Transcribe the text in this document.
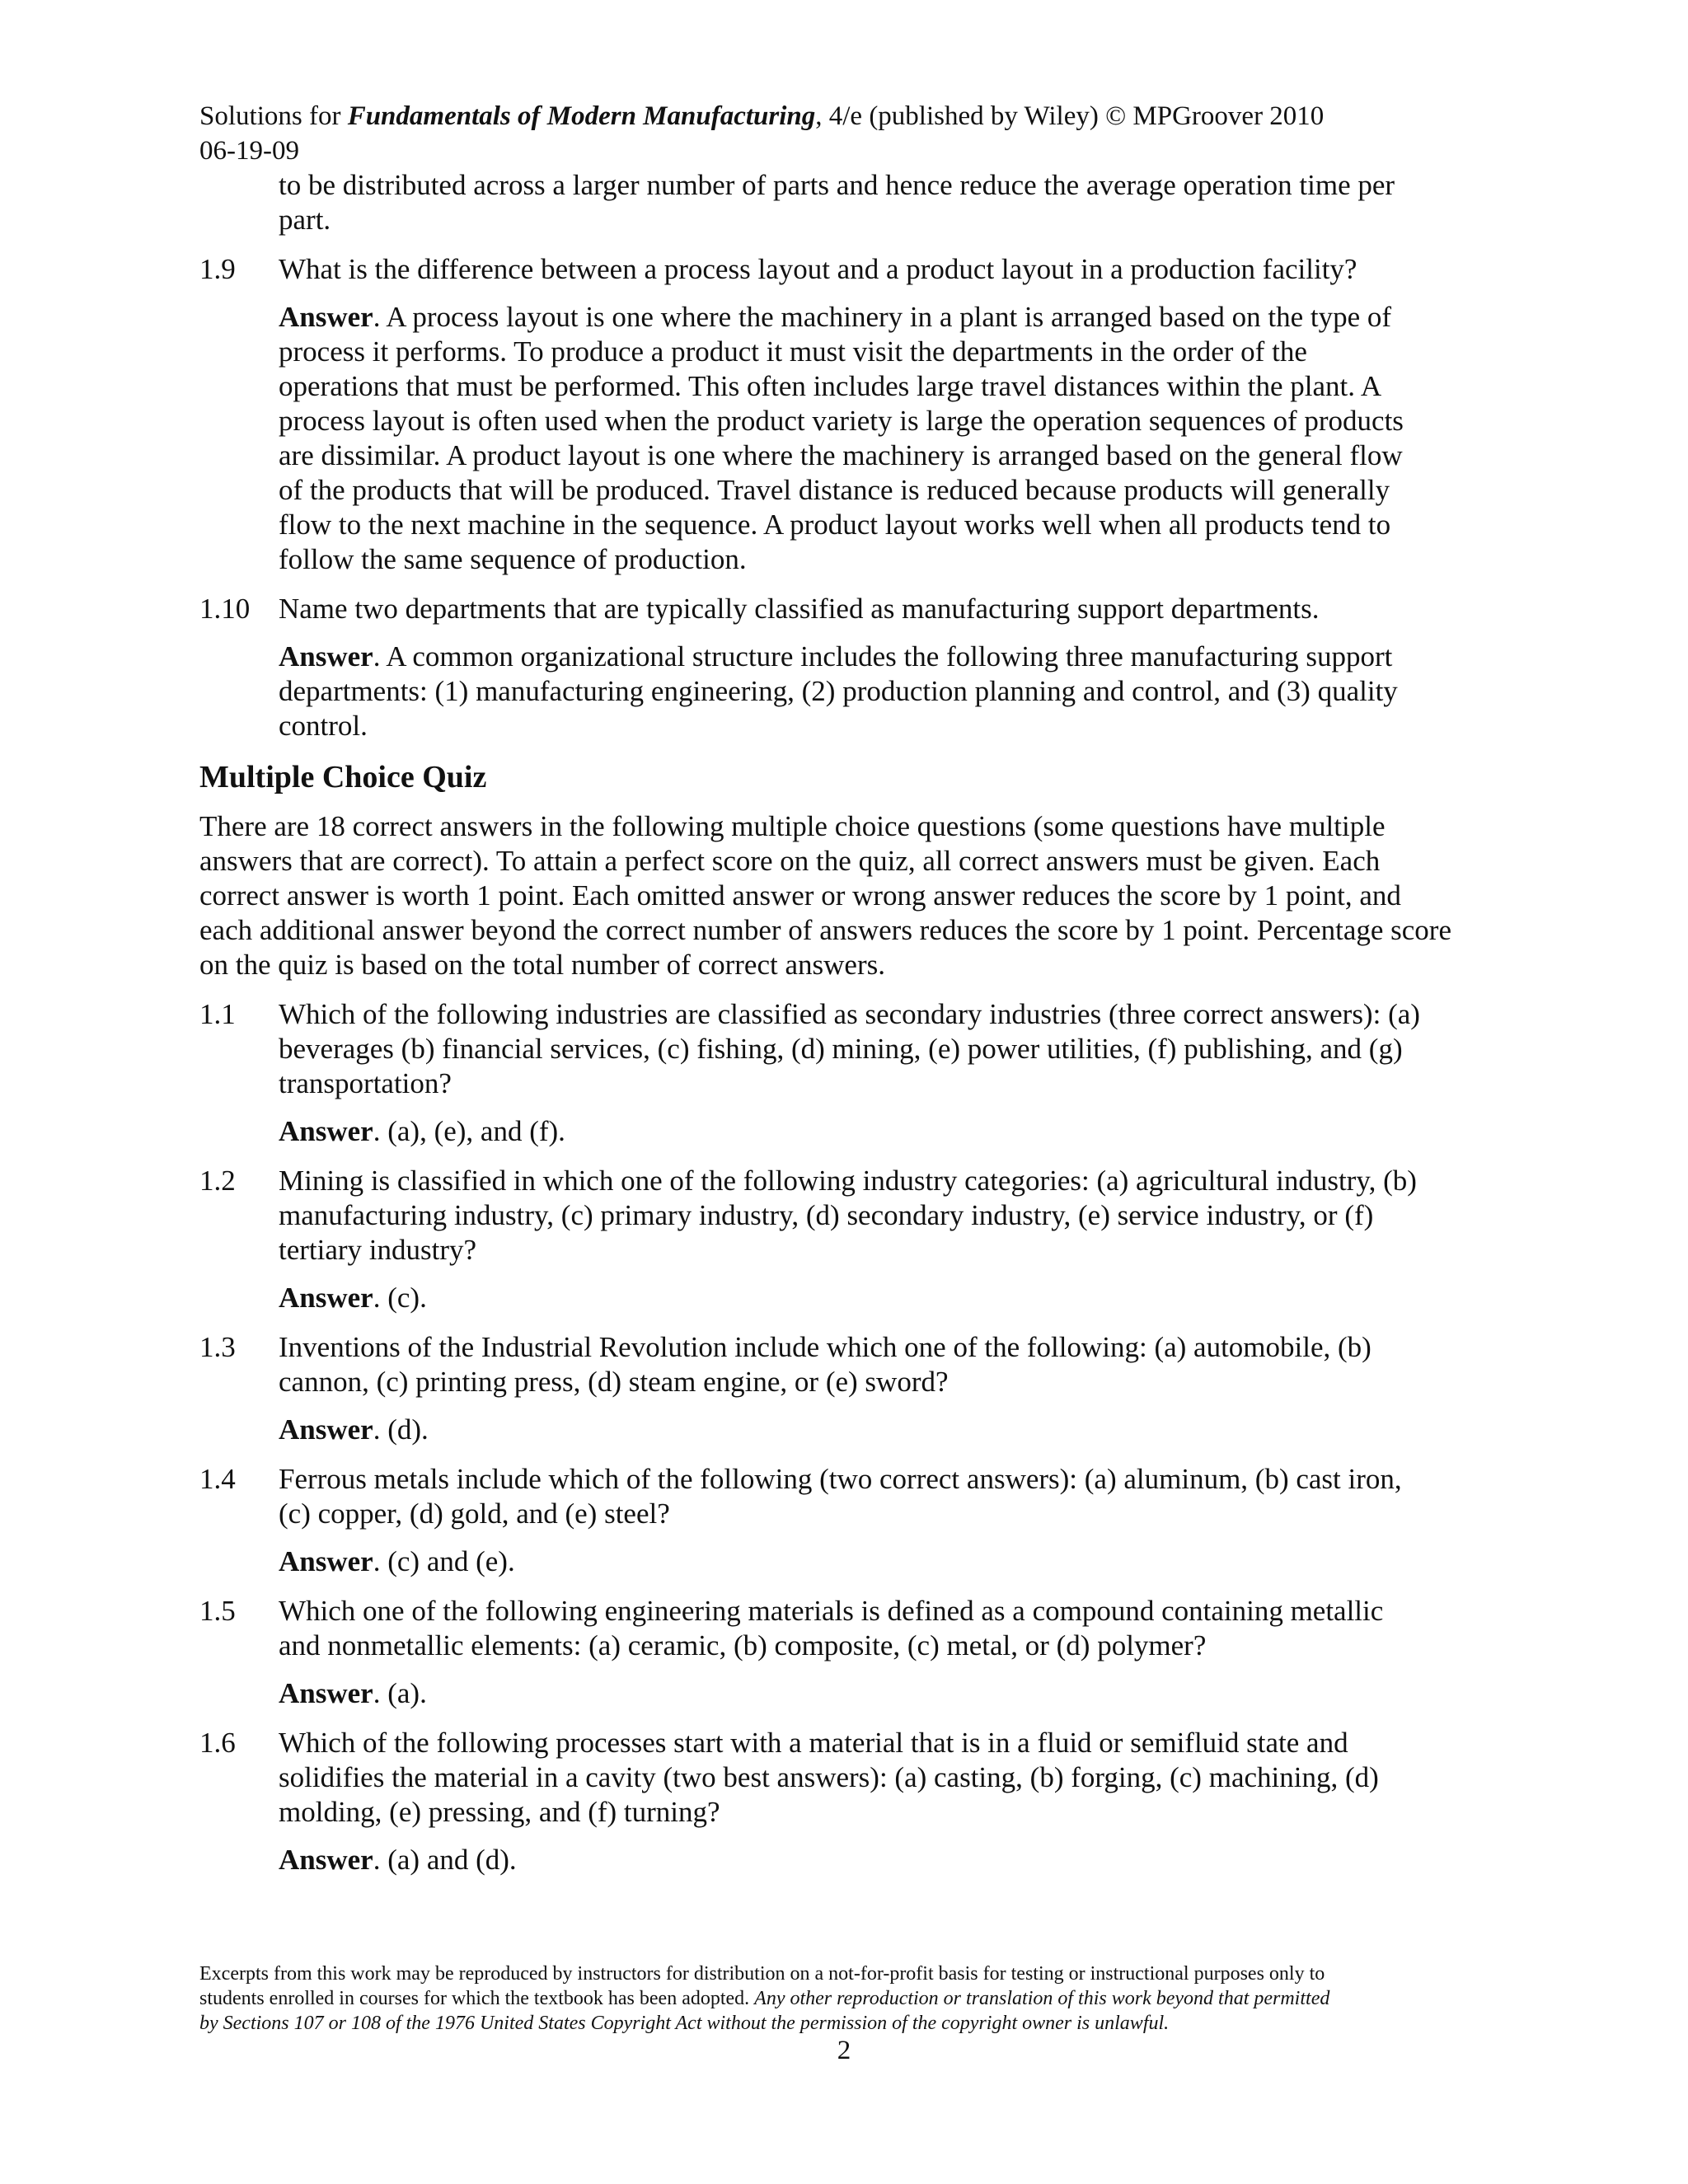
Solutions for Fundamentals of Modern Manufacturing, 4/e (published by Wiley) © MPGroover 2010
06-19-09

to be distributed across a larger number of parts and hence reduce the average operation time per

part.

1.9 What is the difference between a process layout and a product layout in a production facility?

Answer. A process layout is one where the machinery in a plant is arranged based on the type of

process it performs. To produce a product it must visit the departments in the order of the

operations that must be performed. This often includes large travel distances within the plant. A

process layout is often used when the product variety is large the operation sequences of products

are dissimilar. A product layout is one where the machinery is arranged based on the general flow

of the products that will be produced. Travel distance is reduced because products will generally

flow to the next machine in the sequence. A product layout works well when all products tend to

follow the same sequence of production.

1.10 Name two departments that are typically classified as manufacturing support departments.

Answer. A common organizational structure includes the following three manufacturing support

departments: (1) manufacturing engineering, (2) production planning and control, and (3) quality

control.

Multiple Choice Quiz

There are 18 correct answers in the following multiple choice questions (some questions have multiple

answers that are correct). To attain a perfect score on the quiz, all correct answers must be given. Each

correct answer is worth 1 point. Each omitted answer or wrong answer reduces the score by 1 point, and

each additional answer beyond the correct number of answers reduces the score by 1 point. Percentage score

on the quiz is based on the total number of correct answers.

1.1 Which of the following industries are classified as secondary industries (three correct answers): (a)

beverages (b) financial services, (c) fishing, (d) mining, (e) power utilities, (f) publishing, and (g)

transportation?

Answer. (a), (e), and (f).

1.2 Mining is classified in which one of the following industry categories: (a) agricultural industry, (b)

manufacturing industry, (c) primary industry, (d) secondary industry, (e) service industry, or (f)

tertiary industry?

Answer. (c).

1.3 Inventions of the Industrial Revolution include which one of the following: (a) automobile, (b)

cannon, (c) printing press, (d) steam engine, or (e) sword?

Answer. (d).

1.4 Ferrous metals include which of the following (two correct answers): (a) aluminum, (b) cast iron,

(c) copper, (d) gold, and (e) steel?

Answer. (c) and (e).

1.5 Which one of the following engineering materials is defined as a compound containing metallic

and nonmetallic elements: (a) ceramic, (b) composite, (c) metal, or (d) polymer?

Answer. (a).

1.6 Which of the following processes start with a material that is in a fluid or semifluid state and

solidifies the material in a cavity (two best answers): (a) casting, (b) forging, (c) machining, (d)

molding, (e) pressing, and (f) turning?

Answer. (a) and (d).

Excerpts from this work may be reproduced by instructors for distribution on a not-for-profit basis for testing or instructional purposes only to
students enrolled in courses for which the textbook has been adopted. Any other reproduction or translation of this work beyond that permitted
by Sections 107 or 108 of the 1976 United States Copyright Act without the permission of the copyright owner is unlawful.
2
